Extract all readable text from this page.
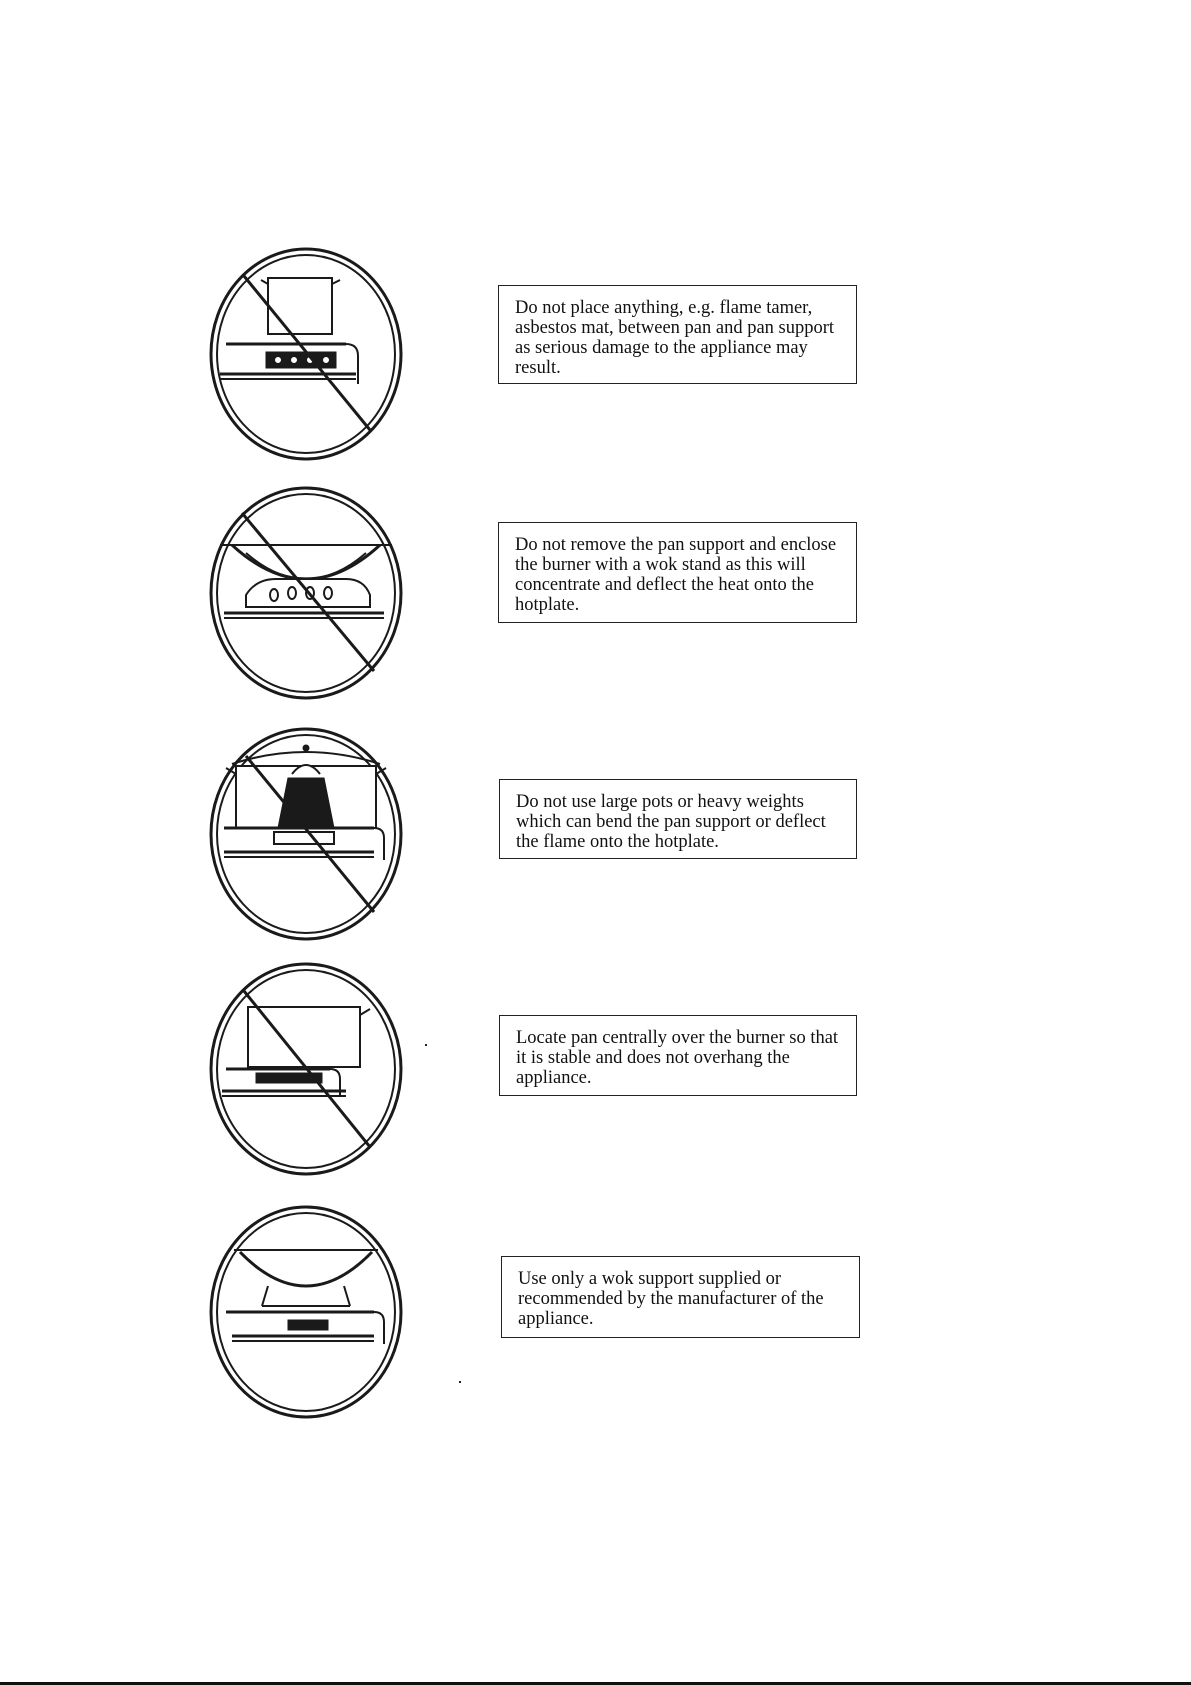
Do not place anything, e.g. flame tamer, asbestos mat, between pan and pan support as serious damage to the appliance may result.
Do not remove the pan support and enclose the burner with a wok stand as this will concentrate and deflect the heat onto the hotplate.
Do not use large pots or heavy weights which can bend the pan support or deflect the flame onto the hotplate.
Locate pan centrally over the burner so that it is stable and does not overhang the appliance.
Use only a wok support supplied or recommended by the manufacturer of the appliance.
